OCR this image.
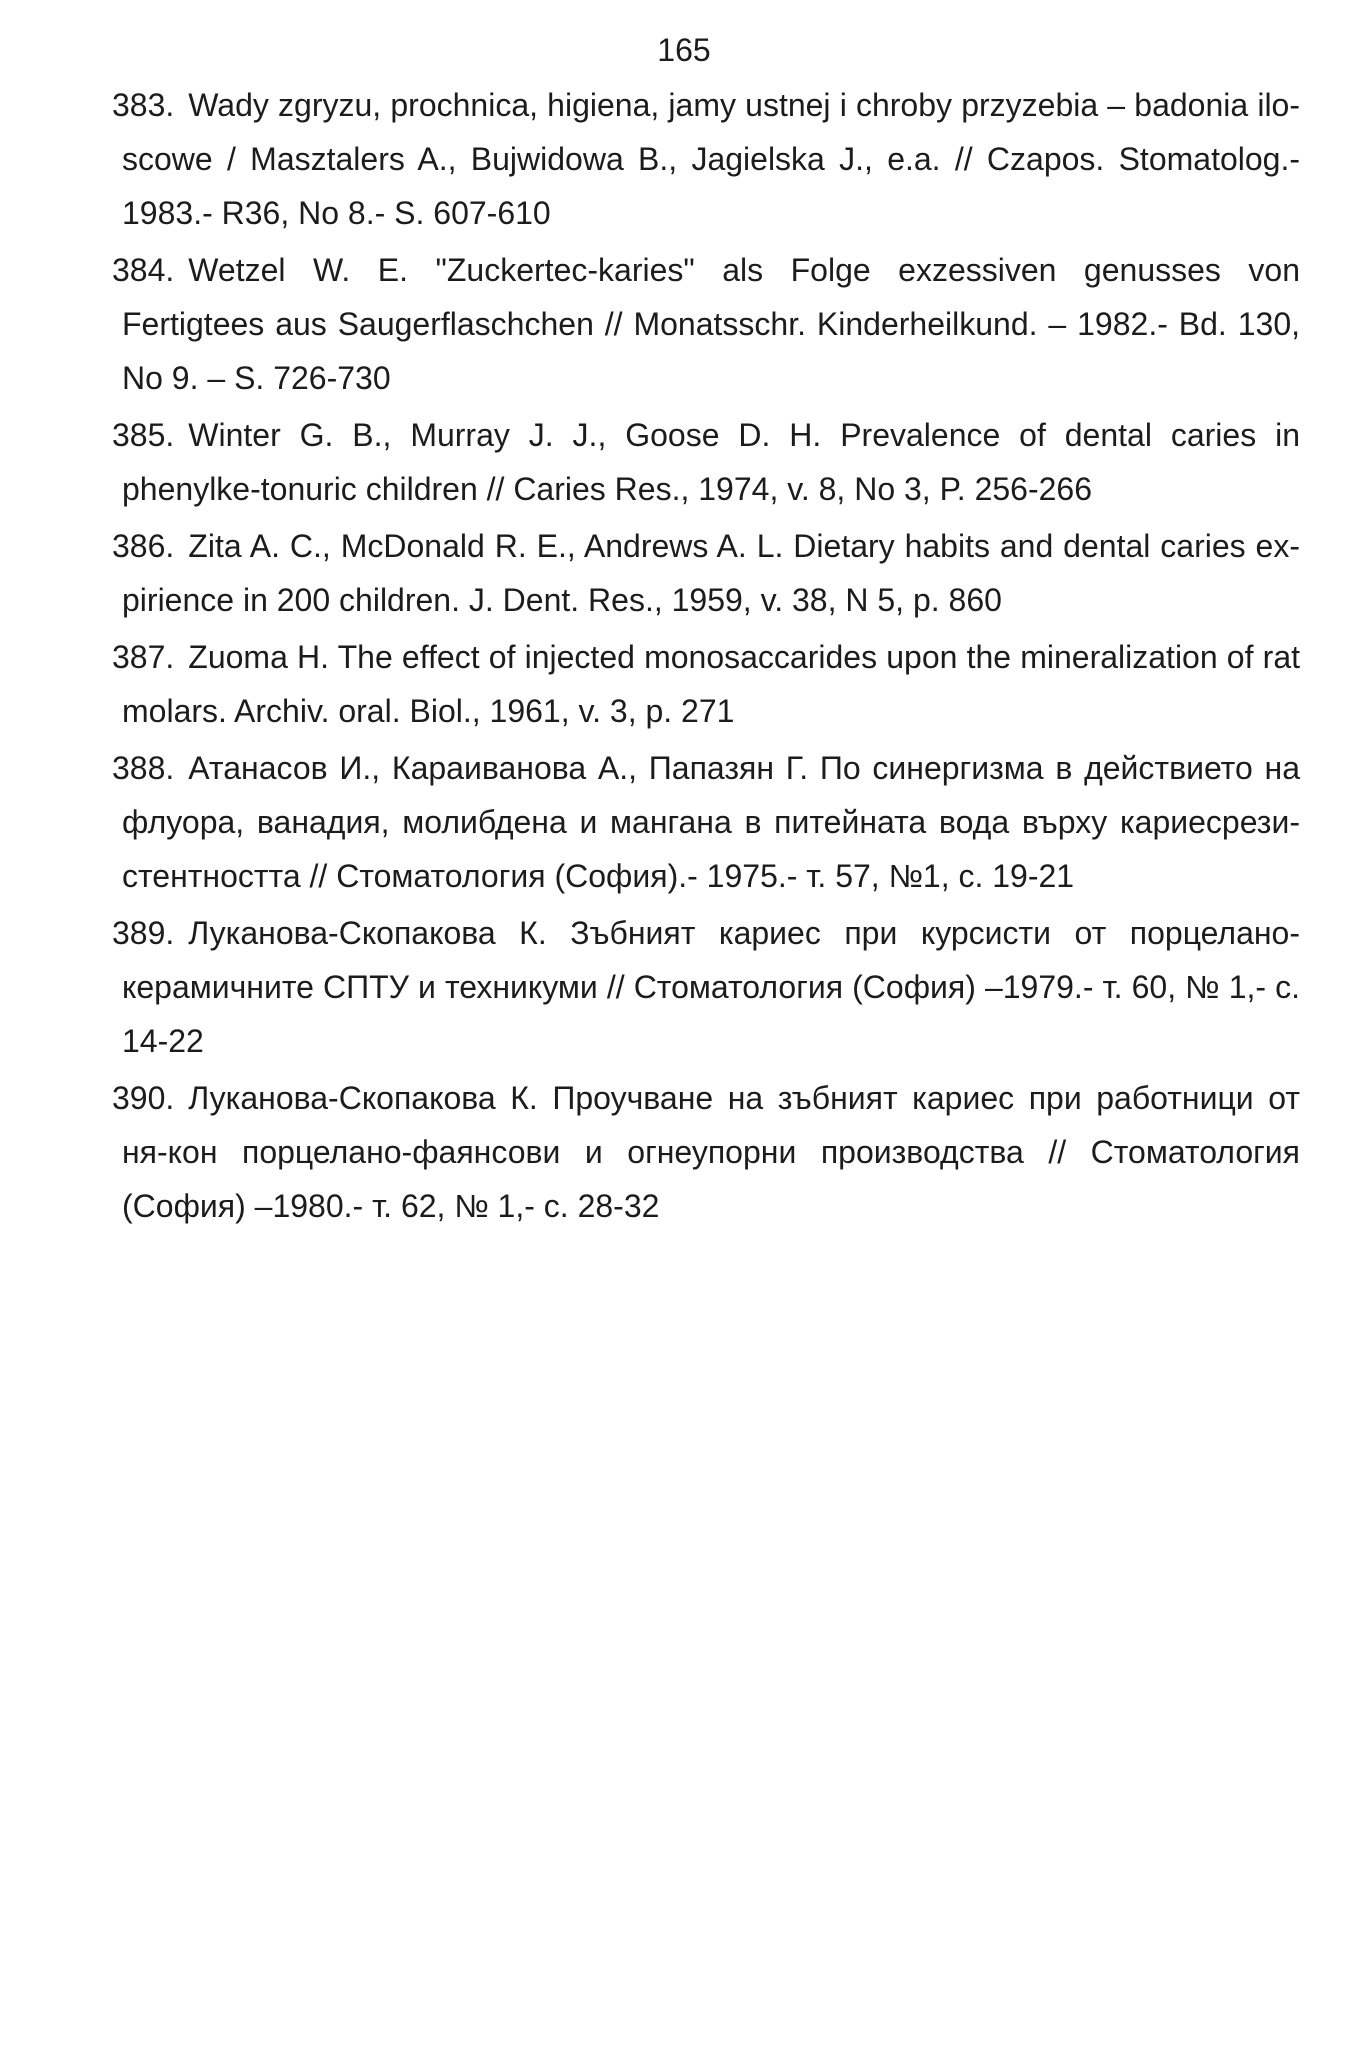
165
383. Wady zgryzu, prochnica, higiena, jamy ustnej i chroby przyzebia – badonia ilo-scowe / Masztalers A., Bujwidowa B., Jagielska J., e.a. // Czapos. Stomatolog.- 1983.- R36, No 8.- S. 607-610
384. Wetzel W. E. "Zuckertec-karies" als Folge exzessiven genusses von Fertigtees aus Saugerflaschchen // Monatsschr. Kinderheilkund. – 1982.- Bd. 130, No 9. – S. 726-730
385. Winter G. B., Murray J. J., Goose D. H. Prevalence of dental caries in phenylke-tonuric children // Caries Res., 1974, v. 8, No 3, P. 256-266
386. Zita A. C., McDonald R. E., Andrews A. L. Dietary habits and dental caries ex-pirience in 200 children. J. Dent. Res., 1959, v. 38, N 5, p. 860
387. Zuoma H. The effect of injected monosaccarides upon the mineralization of rat molars. Archiv. oral. Biol., 1961, v. 3, p. 271
388. Атанасов И., Караиванова А., Папазян Г. По синергизма в действието на флуора, ванадия, молибдена и мангана в питейната вода върху кариесрези-стентността // Стоматология (София).- 1975.- т. 57, №1, с. 19-21
389. Луканова-Скопакова К. Зъбният кариес при курсисти от порцелано-керамичните СПТУ и техникуми // Стоматология (София) –1979.- т. 60, № 1,- с. 14-22
390. Луканова-Скопакова К. Проучване на зъбният кариес при работници от ня-кон порцелано-фаянсови и огнеупорни производства // Стоматология (София) –1980.- т. 62, № 1,- с. 28-32
